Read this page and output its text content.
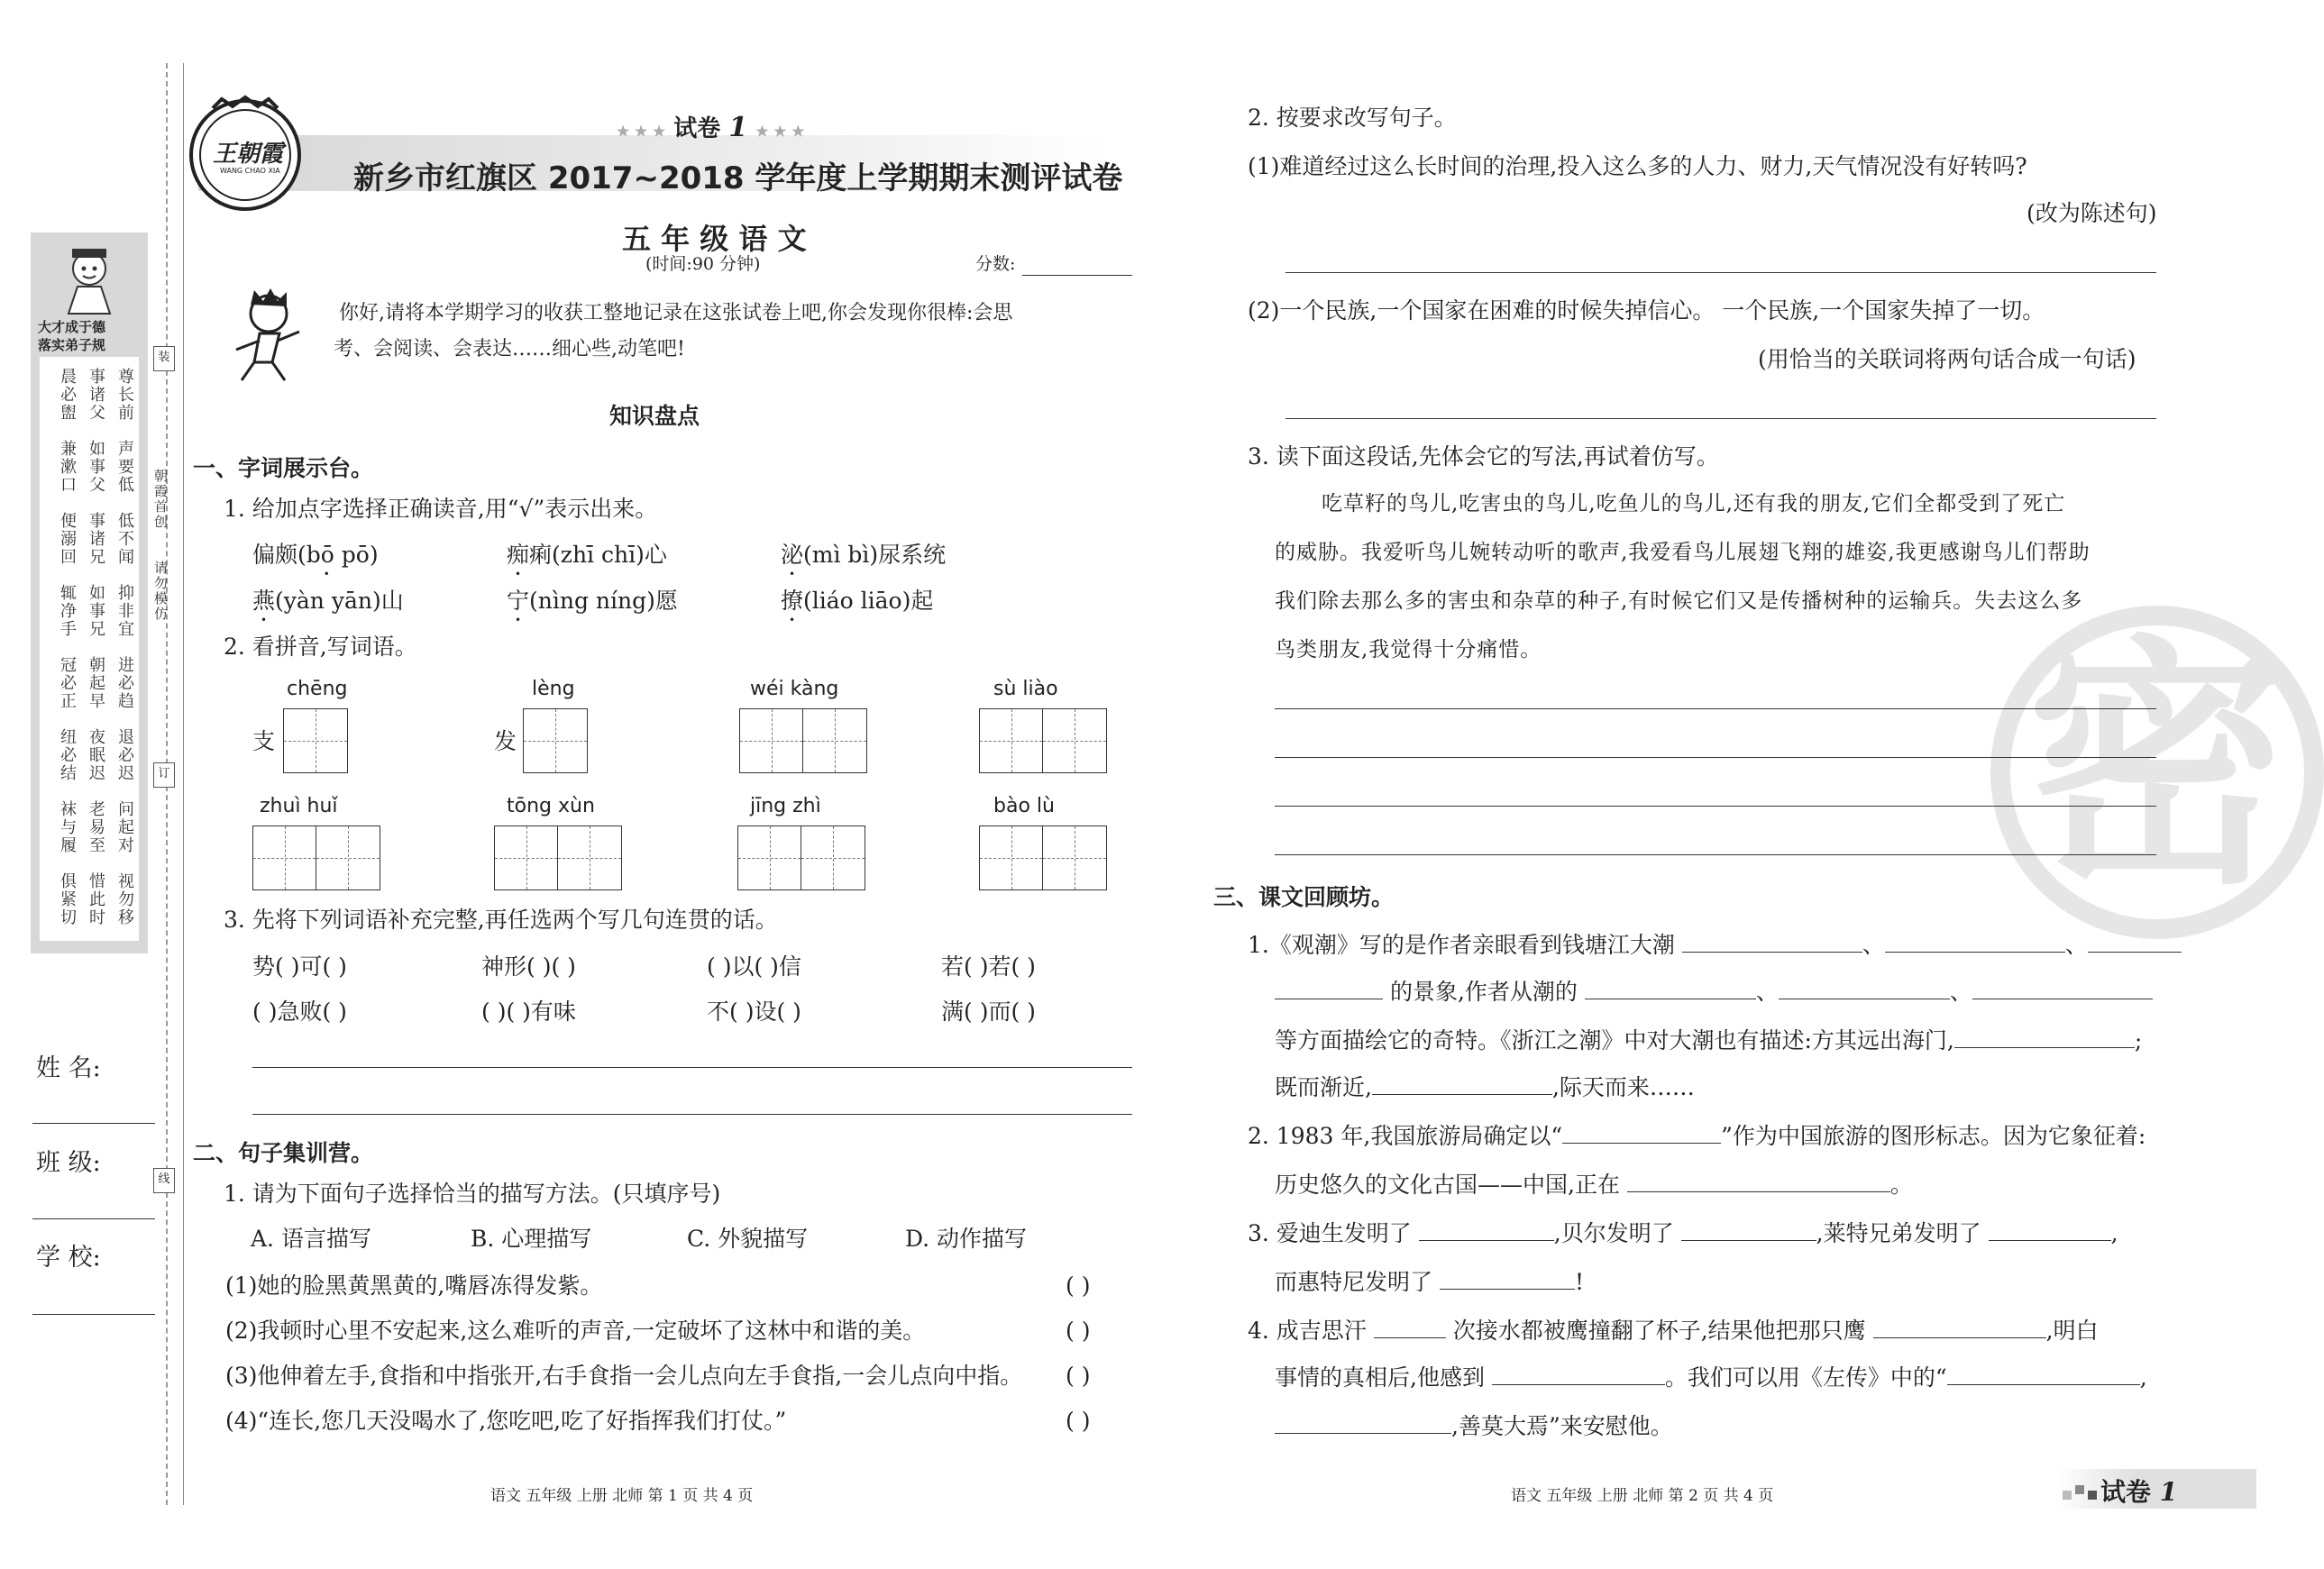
大才成于德
落实弟子规
晨必盥 事诸父 尊长前
兼漱口 如事父 声要低
便溺回 事诸兄 低不闻
辄净手 如事兄 抑非宜
冠必正 朝起早 进必趋
纽必结 夜眠迟 退必迟
袜与履 老易至 问起对
俱紧切 惜此时 视勿移
装
订
线
朝霞首创
请勿模仿
姓 名:
班 级:
学 校:
王朝霞
WANG CHAO XIA
★ ★ ★ 试卷 1 ★ ★ ★
新乡市红旗区 2017~2018 学年度上学期期末测评试卷
五 年 级 语 文
(时间:90 分钟)	分数:
你好,请将本学期学习的收获工整地记录在这张试卷上吧,你会发现你很棒:会思
考、会阅读、会表达……细心些,动笔吧!
知识盘点
一、字词展示台。
1. 给加点字选择正确读音,用“√”表示出来。
偏颇(bō pō) •	痴痢(zhī chī)心	泌(mì bì)尿系统
燕(yàn yān)山	宁(nìng níng)愿	撩(liáo liāo)起
2. 看拼音,写词语。
chēng	lèng	wéi kàng	sù liào
支	发
zhuì huǐ	tōng xùn	jīng zhì	bào lù
3. 先将下列词语补充完整,再任选两个写几句连贯的话。
势( )可( )	神形( )( )	( )以( )信	若( )若( )
( )急败( )	( )( )有味	不( )设( )	满( )而( )
二、句子集训营。
1. 请为下面句子选择恰当的描写方法。(只填序号)
A. 语言描写	B. 心理描写	C. 外貌描写	D. 动作描写
(1)她的脸黑黄黑黄的,嘴唇冻得发紫。	( )
(2)我顿时心里不安起来,这么难听的声音,一定破坏了这林中和谐的美。	( )
(3)他伸着左手,食指和中指张开,右手食指一会儿点向左手食指,一会儿点向中指。 ( )
(4)“连长,您几天没喝水了,您吃吧,吃了好指挥我们打仗。”	( )
语文 五年级 上册 北师 第 1 页 共 4 页
密
2. 按要求改写句子。
(1)难道经过这么长时间的治理,投入这么多的人力、财力,天气情况没有好转吗?
(改为陈述句)
(2)一个民族,一个国家在困难的时候失掉信心。 一个民族,一个国家失掉了一切。
(用恰当的关联词将两句话合成一句话)
3. 读下面这段话,先体会它的写法,再试着仿写。
吃草籽的鸟儿,吃害虫的鸟儿,吃鱼儿的鸟儿,还有我的朋友,它们全都受到了死亡
的威胁。我爱听鸟儿婉转动听的歌声,我爱看鸟儿展翅飞翔的雄姿,我更感谢鸟儿们帮助
我们除去那么多的害虫和杂草的种子,有时候它们又是传播树种的运输兵。失去这么多
鸟类朋友,我觉得十分痛惜。
三、课文回顾坊。
1.《观潮》写的是作者亲眼看到钱塘江大潮	、	、
的景象,作者从潮的	、	、
等方面描绘它的奇特。《浙江之潮》中对大潮也有描述:方其远出海门,	;
既而渐近,	,际天而来……
2. 1983 年,我国旅游局确定以“	”作为中国旅游的图形标志。因为它象征着:
历史悠久的文化古国——中国,正在	。
3. 爱迪生发明了	,贝尔发明了	,莱特兄弟发明了	,
而惠特尼发明了	!
4. 成吉思汗	次接水都被鹰撞翻了杯子,结果他把那只鹰	,明白
事情的真相后,他感到	。我们可以用《左传》中的“	,
,善莫大焉”来安慰他。
语文 五年级 上册 北师 第 2 页 共 4 页	试卷 1
